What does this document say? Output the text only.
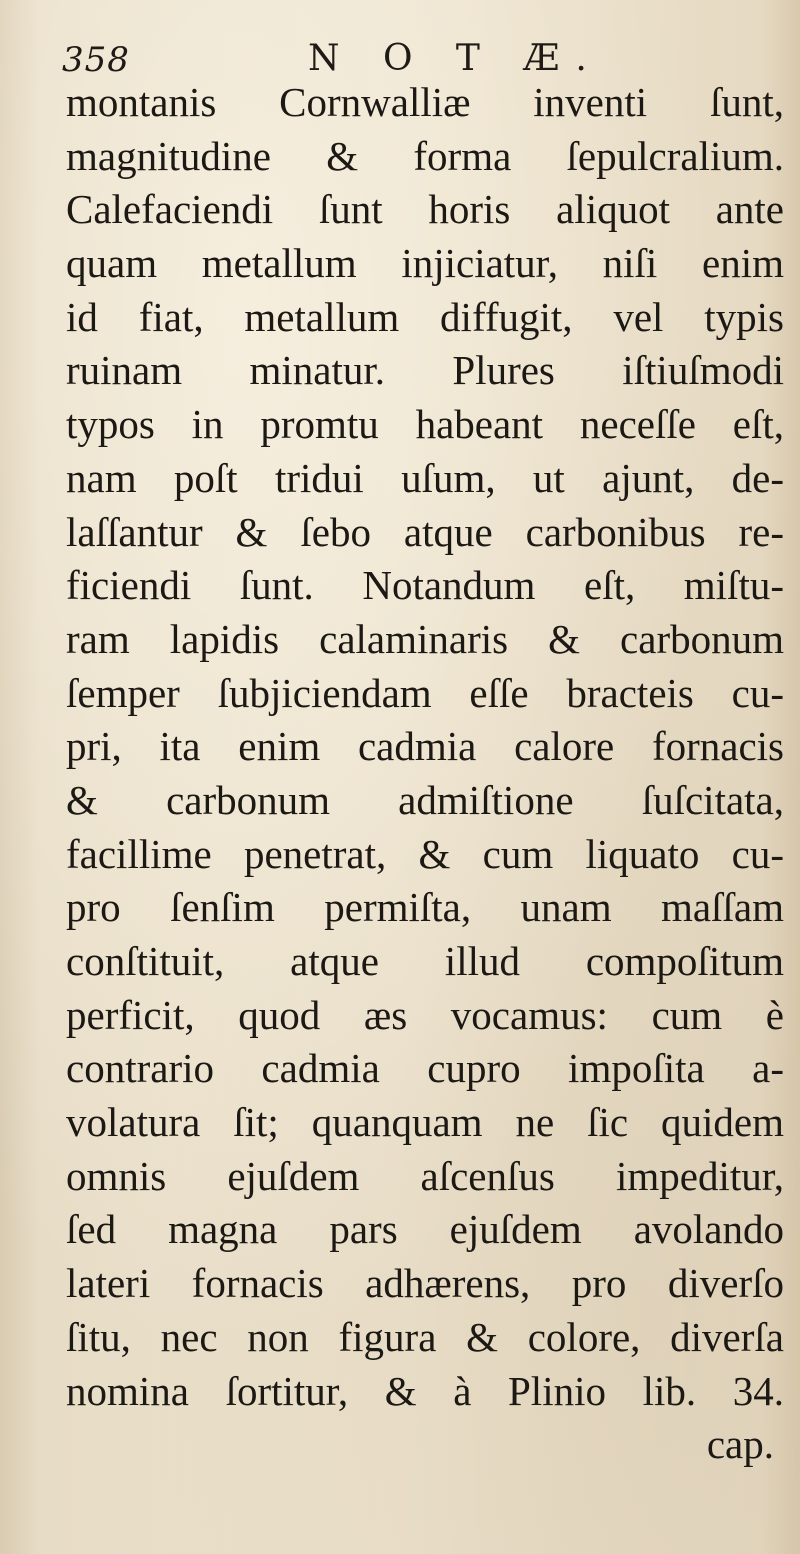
358	N O T Æ.
montanis Cornwalliæ inventi ſunt,
magnitudine & forma ſepulcralium.
Calefaciendi ſunt horis aliquot ante
quam metallum injiciatur, niſi enim
id fiat, metallum diffugit, vel typis
ruinam minatur. Plures iſtiuſmodi
typos in promtu habeant neceſſe eſt,
nam poſt tridui uſum, ut ajunt, de-
laſſantur & ſebo atque carbonibus re-
ficiendi ſunt. Notandum eſt, miſtu-
ram lapidis calaminaris & carbonum
ſemper ſubjiciendam eſſe bracteis cu-
pri, ita enim cadmia calore fornacis
& carbonum admiſtione ſuſcitata,
facillime penetrat, & cum liquato cu-
pro ſenſim permiſta, unam maſſam
conſtituit, atque illud compoſitum
perficit, quod æs vocamus: cum è
contrario cadmia cupro impoſita a-
volatura ſit; quanquam ne ſic quidem
omnis ejuſdem aſcenſus impeditur,
ſed magna pars ejuſdem avolando
lateri fornacis adhærens, pro diverſo
ſitu, nec non figura & colore, diverſa
nomina ſortitur, & à Plinio lib. 34.
cap.
